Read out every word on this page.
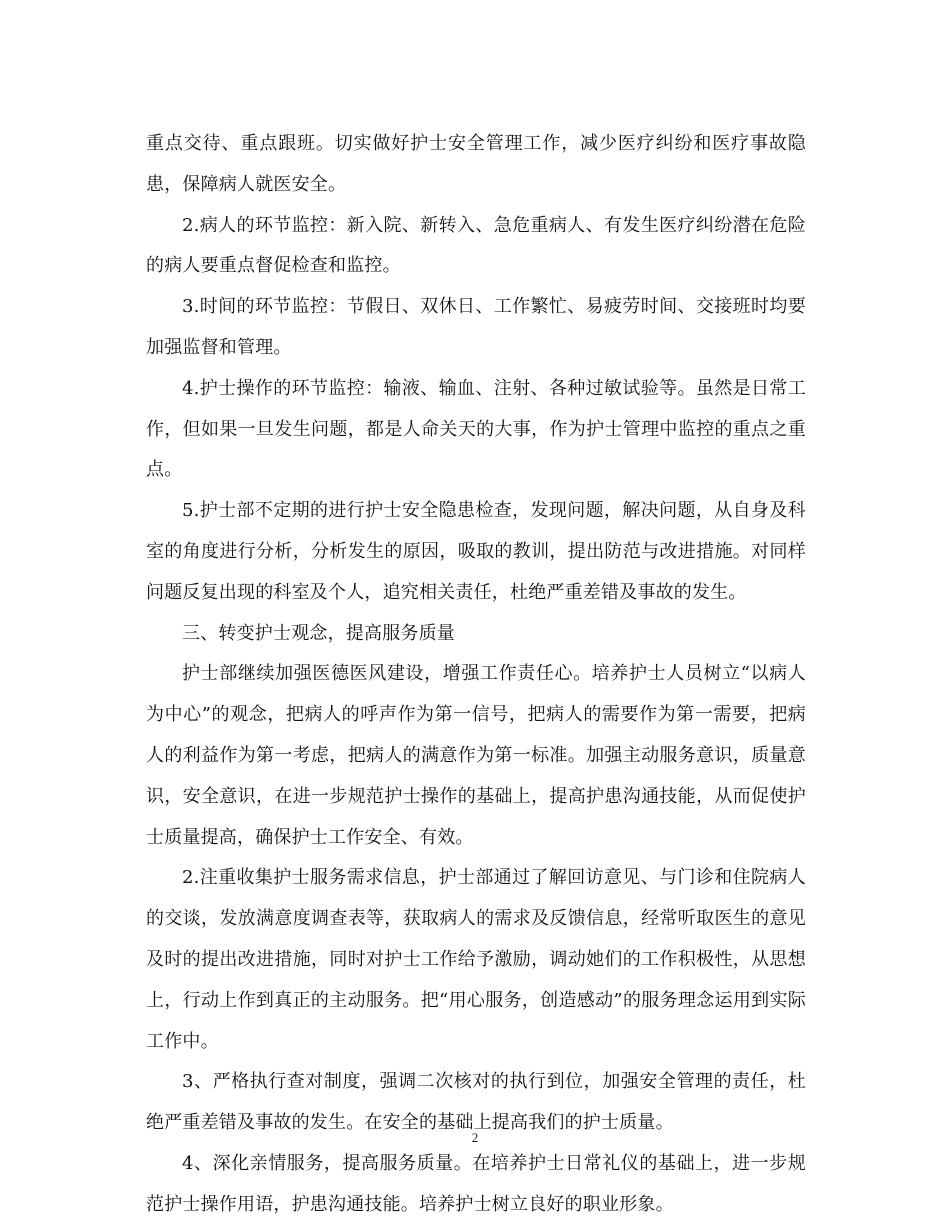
重点交待、重点跟班。切实做好护士安全管理工作，减少医疗纠纷和医疗事故隐患，保障病人就医安全。

2.病人的环节监控：新入院、新转入、急危重病人、有发生医疗纠纷潜在危险的病人要重点督促检查和监控。

3.时间的环节监控：节假日、双休日、工作繁忙、易疲劳时间、交接班时均要加强监督和管理。

4.护士操作的环节监控：输液、输血、注射、各种过敏试验等。虽然是日常工作，但如果一旦发生问题，都是人命关天的大事，作为护士管理中监控的重点之重点。

5.护士部不定期的进行护士安全隐患检查，发现问题，解决问题，从自身及科室的角度进行分析，分析发生的原因，吸取的教训，提出防范与改进措施。对同样问题反复出现的科室及个人，追究相关责任，杜绝严重差错及事故的发生。

三、转变护士观念，提高服务质量

护士部继续加强医德医风建设，增强工作责任心。培养护士人员树立“以病人为中心”的观念，把病人的呼声作为第一信号，把病人的需要作为第一需要，把病人的利益作为第一考虑，把病人的满意作为第一标准。加强主动服务意识，质量意识，安全意识，在进一步规范护士操作的基础上，提高护患沟通技能，从而促使护士质量提高，确保护士工作安全、有效。

2.注重收集护士服务需求信息，护士部通过了解回访意见、与门诊和住院病人的交谈，发放满意度调查表等，获取病人的需求及反馈信息，经常听取医生的意见及时的提出改进措施，同时对护士工作给予激励，调动她们的工作积极性，从思想上，行动上作到真正的主动服务。把“用心服务，创造感动”的服务理念运用到实际工作中。

3、严格执行查对制度，强调二次核对的执行到位，加强安全管理的责任，杜绝严重差错及事故的发生。在安全的基础上提高我们的护士质量。

4、深化亲情服务，提高服务质量。在培养护士日常礼仪的基础上，进一步规范护士操作用语，护患沟通技能。培养护士树立良好的职业形象。

2
